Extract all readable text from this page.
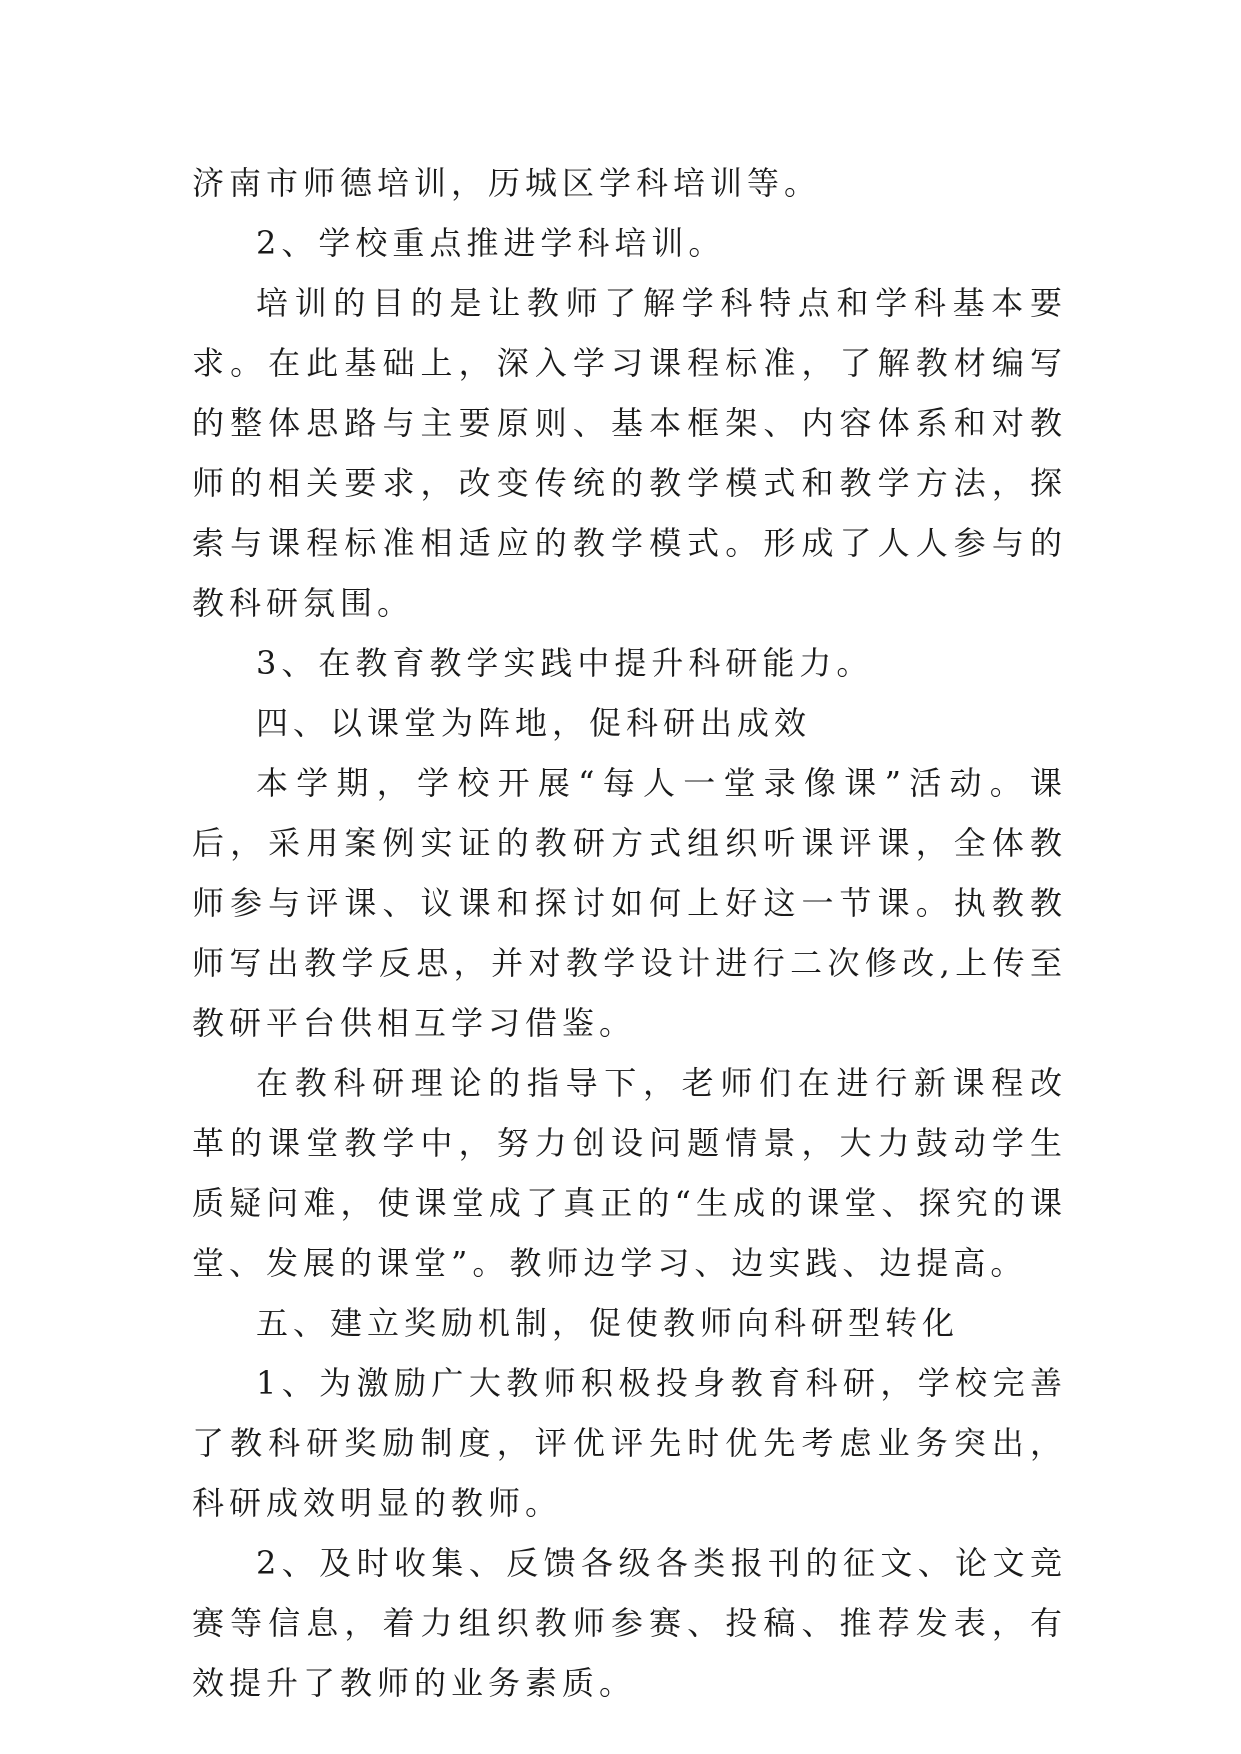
济南市师德培训，历城区学科培训等。

2、学校重点推进学科培训。

培训的目的是让教师了解学科特点和学科基本要求。在此基础上，深入学习课程标准，了解教材编写的整体思路与主要原则、基本框架、内容体系和对教师的相关要求，改变传统的教学模式和教学方法，探索与课程标准相适应的教学模式。形成了人人参与的教科研氛围。

3、在教育教学实践中提升科研能力。

四、以课堂为阵地，促科研出成效

本学期，学校开展“每人一堂录像课”活动。课后，采用案例实证的教研方式组织听课评课，全体教师参与评课、议课和探讨如何上好这一节课。执教教师写出教学反思，并对教学设计进行二次修改,上传至教研平台供相互学习借鉴。

在教科研理论的指导下，老师们在进行新课程改革的课堂教学中，努力创设问题情景，大力鼓动学生质疑问难，使课堂成了真正的“生成的课堂、探究的课堂、发展的课堂”。教师边学习、边实践、边提高。

五、建立奖励机制，促使教师向科研型转化

1、为激励广大教师积极投身教育科研，学校完善了教科研奖励制度，评优评先时优先考虑业务突出，科研成效明显的教师。

2、及时收集、反馈各级各类报刊的征文、论文竞赛等信息，着力组织教师参赛、投稿、推荐发表，有效提升了教师的业务素质。
